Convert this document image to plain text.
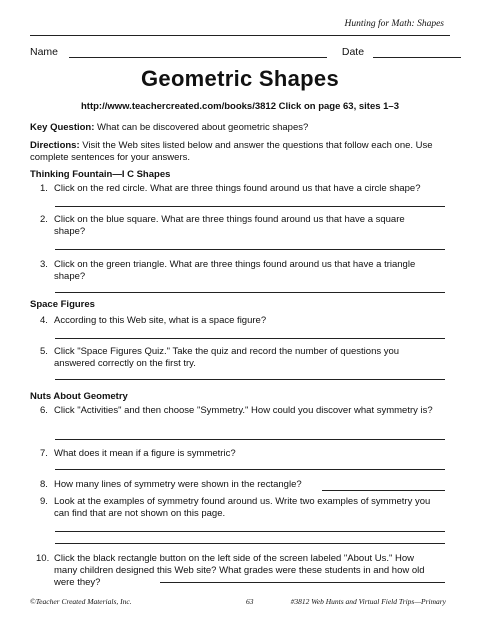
Hunting for Math: Shapes
Name	Date
Geometric Shapes
http://www.teachercreated.com/books/3812 Click on page 63, sites 1–3
Key Question: What can be discovered about geometric shapes?
Directions: Visit the Web sites listed below and answer the questions that follow each one. Use complete sentences for your answers.
Thinking Fountain—I C Shapes
1. Click on the red circle. What are three things found around us that have a circle shape?
2. Click on the blue square. What are three things found around us that have a square shape?
3. Click on the green triangle. What are three things found around us that have a triangle shape?
Space Figures
4. According to this Web site, what is a space figure?
5. Click "Space Figures Quiz." Take the quiz and record the number of questions you answered correctly on the first try.
Nuts About Geometry
6. Click "Activities" and then choose "Symmetry." How could you discover what symmetry is?
7. What does it mean if a figure is symmetric?
8. How many lines of symmetry were shown in the rectangle?
9. Look at the examples of symmetry found around us. Write two examples of symmetry you can find that are not shown on this page.
10. Click the black rectangle button on the left side of the screen labeled "About Us." How many children designed this Web site? What grades were these students in and how old were they?
©Teacher Created Materials, Inc.	63	#3812 Web Hunts and Virtual Field Trips—Primary
